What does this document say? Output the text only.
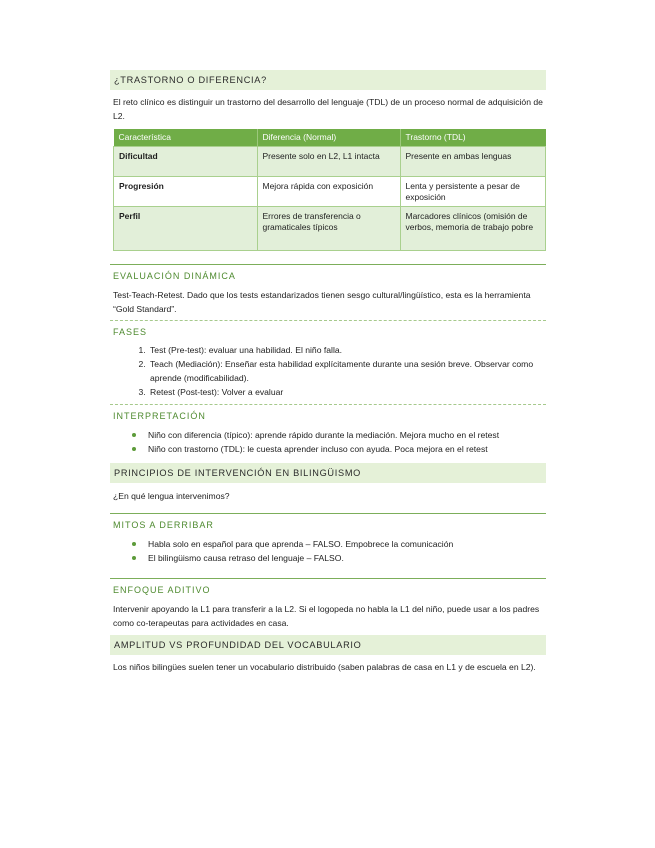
¿TRASTORNO O DIFERENCIA?

El reto clínico es distinguir un trastorno del desarrollo del lenguaje (TDL) de un proceso normal de adquisición de L2.

Característica	Diferencia (Normal)	Trastorno (TDL)
Dificultad	Presente solo en L2, L1 intacta	Presente en ambas lenguas
Progresión	Mejora rápida con exposición	Lenta y persistente a pesar de exposición
Perfil	Errores de transferencia o gramaticales típicos	Marcadores clínicos (omisión de verbos, memoria de trabajo pobre
EVALUACIÓN DINÁMICA

Test-Teach-Retest. Dado que los tests estandarizados tienen sesgo cultural/lingüístico, esta es la herramienta “Gold Standard”.

FASES
1. Test (Pre-test): evaluar una habilidad. El niño falla.
2. Teach (Mediación): Enseñar esta habilidad explícitamente durante una sesión breve. Observar como aprende (modificabilidad).
3. Retest (Post-test): Volver a evaluar
INTERPRETACIÓN
Niño con diferencia (típico): aprende rápido durante la mediación. Mejora mucho en el retest
Niño con trastorno (TDL): le cuesta aprender incluso con ayuda. Poca mejora en el retest
PRINCIPIOS DE INTERVENCIÓN EN BILINGÜISMO

¿En qué lengua intervenimos?

MITOS A DERRIBAR
Habla solo en español para que aprenda – FALSO. Empobrece la comunicación
El bilingüismo causa retraso del lenguaje – FALSO.
ENFOQUE ADITIVO

Intervenir apoyando la L1 para transferir a la L2. Si el logopeda no habla la L1 del niño, puede usar a los padres como co-terapeutas para actividades en casa.

AMPLITUD VS PROFUNDIDAD DEL VOCABULARIO

Los niños bilingües suelen tener un vocabulario distribuido (saben palabras de casa en L1 y de escuela en L2).
